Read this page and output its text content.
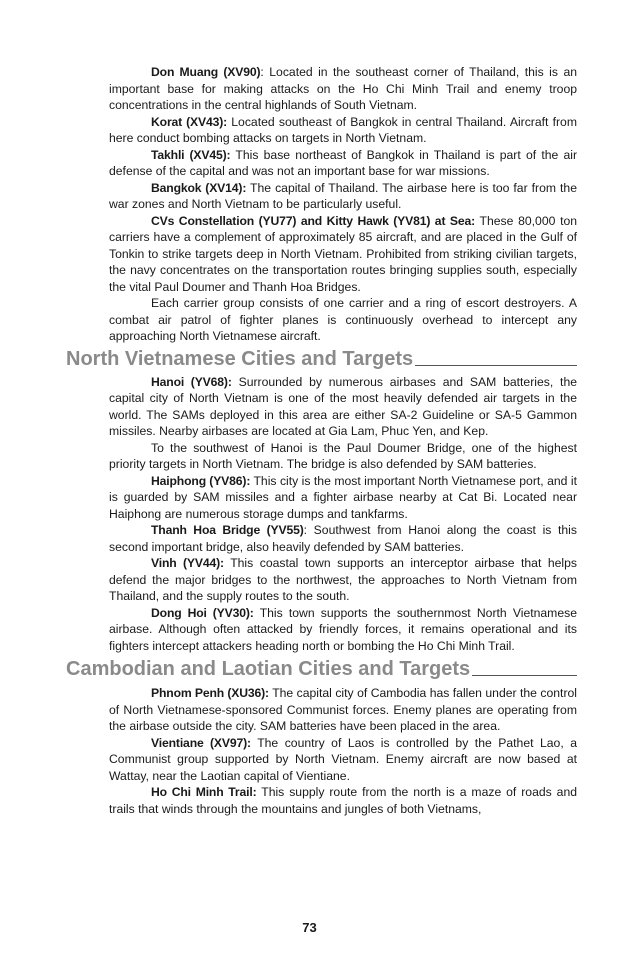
Don Muang (XV90): Located in the southeast corner of Thailand, this is an important base for making attacks on the Ho Chi Minh Trail and enemy troop concentrations in the central highlands of South Vietnam.

Korat (XV43): Located southeast of Bangkok in central Thailand. Aircraft from here conduct bombing attacks on targets in North Vietnam.

Takhli (XV45): This base northeast of Bangkok in Thailand is part of the air defense of the capital and was not an important base for war missions.

Bangkok (XV14): The capital of Thailand. The airbase here is too far from the war zones and North Vietnam to be particularly useful.

CVs Constellation (YU77) and Kitty Hawk (YV81) at Sea: These 80,000 ton carriers have a complement of approximately 85 aircraft, and are placed in the Gulf of Tonkin to strike targets deep in North Vietnam. Prohibited from striking civilian targets, the navy concentrates on the transportation routes bringing supplies south, especially the vital Paul Doumer and Thanh Hoa Bridges.

Each carrier group consists of one carrier and a ring of escort destroyers. A combat air patrol of fighter planes is continuously overhead to intercept any approaching North Vietnamese aircraft.

North Vietnamese Cities and Targets

Hanoi (YV68): Surrounded by numerous airbases and SAM batteries, the capital city of North Vietnam is one of the most heavily defended air targets in the world. The SAMs deployed in this area are either SA-2 Guideline or SA-5 Gammon missiles. Nearby airbases are located at Gia Lam, Phuc Yen, and Kep.

To the southwest of Hanoi is the Paul Doumer Bridge, one of the highest priority targets in North Vietnam. The bridge is also defended by SAM batteries.

Haiphong (YV86): This city is the most important North Vietnamese port, and it is guarded by SAM missiles and a fighter airbase nearby at Cat Bi. Located near Haiphong are numerous storage dumps and tankfarms.

Thanh Hoa Bridge (YV55): Southwest from Hanoi along the coast is this second important bridge, also heavily defended by SAM batteries.

Vinh (YV44): This coastal town supports an interceptor airbase that helps defend the major bridges to the northwest, the approaches to North Vietnam from Thailand, and the supply routes to the south.

Dong Hoi (YV30): This town supports the southernmost North Vietnamese airbase. Although often attacked by friendly forces, it remains operational and its fighters intercept attackers heading north or bombing the Ho Chi Minh Trail.

Cambodian and Laotian Cities and Targets

Phnom Penh (XU36): The capital city of Cambodia has fallen under the control of North Vietnamese-sponsored Communist forces. Enemy planes are operating from the airbase outside the city. SAM batteries have been placed in the area.

Vientiane (XV97): The country of Laos is controlled by the Pathet Lao, a Communist group supported by North Vietnam. Enemy aircraft are now based at Wattay, near the Laotian capital of Vientiane.

Ho Chi Minh Trail: This supply route from the north is a maze of roads and trails that winds through the mountains and jungles of both Vietnams,

73
